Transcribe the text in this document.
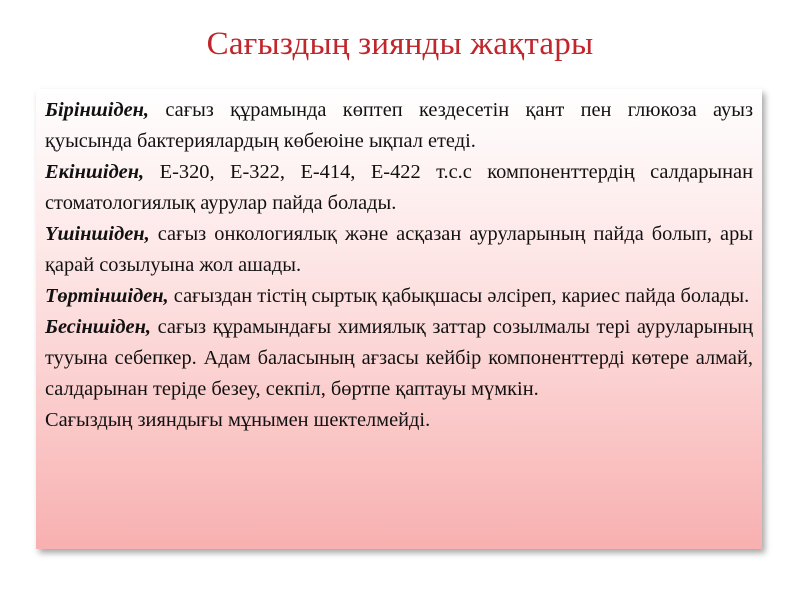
Сағыздың зиянды жақтары

Біріншіден, сағыз құрамында көптеп кездесетін қант пен глюкоза ауыз қуысында бактериялардың көбеюіне ықпал етеді.

Екіншіден, Е-320, Е-322, Е-414, Е-422 т.с.с компоненттердің салдарынан стоматологиялық аурулар пайда болады.

Үшіншіден, сағыз онкологиялық және асқазан ауруларының пайда болып, ары қарай созылуына жол ашады.

Төртіншіден, сағыздан тістің сыртық қабықшасы әлсіреп, кариес пайда болады.

Бесіншіден, сағыз құрамындағы химиялық заттар созылмалы тері ауруларының тууына себепкер. Адам баласының ағзасы кейбір компоненттерді көтере алмай, салдарынан теріде безеу, секпіл, бөртпе қаптауы мүмкін.

Сағыздың зияндығы мұнымен шектелмейді.
